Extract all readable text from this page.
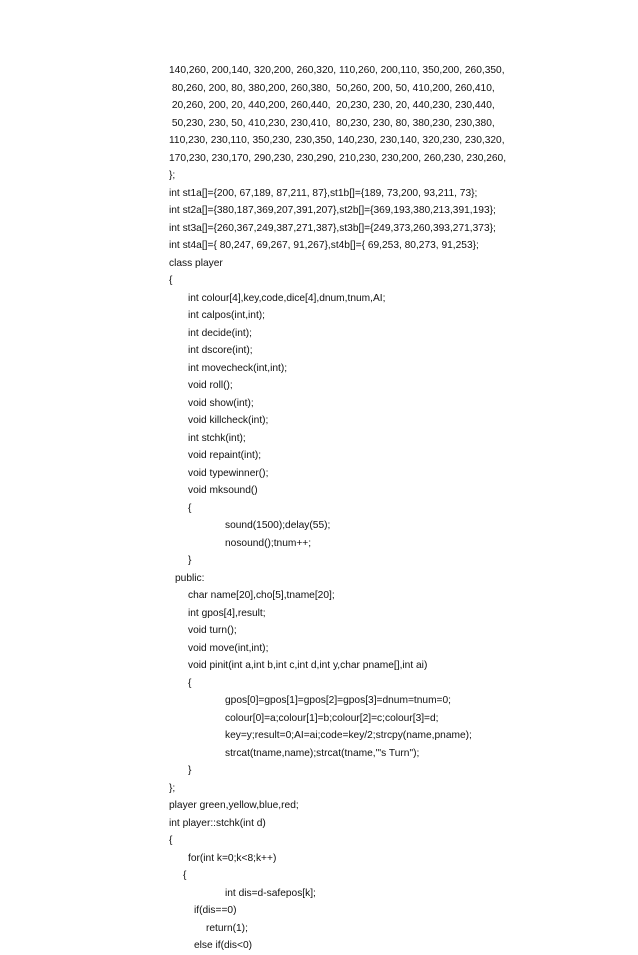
140,260, 200,140, 320,200, 260,320, 110,260, 200,110, 350,200, 260,350,
80,260, 200, 80, 380,200, 260,380,  50,260, 200, 50, 410,200, 260,410,
20,260, 200, 20, 440,200, 260,440,  20,230, 230, 20, 440,230, 230,440,
50,230, 230, 50, 410,230, 230,410,  80,230, 230, 80, 380,230, 230,380,
110,230, 230,110, 350,230, 230,350, 140,230, 230,140, 320,230, 230,320,
170,230, 230,170, 290,230, 230,290, 210,230, 230,200, 260,230, 230,260,
};
int st1a[]={200, 67,189, 87,211, 87},st1b[]={189, 73,200, 93,211, 73};
int st2a[]={380,187,369,207,391,207},st2b[]={369,193,380,213,391,193};
int st3a[]={260,367,249,387,271,387},st3b[]={249,373,260,393,271,373};
int st4a[]={ 80,247, 69,267, 91,267},st4b[]={ 69,253, 80,273, 91,253};
class player
{
int colour[4],key,code,dice[4],dnum,tnum,AI;
int calpos(int,int);
int decide(int);
int dscore(int);
int movecheck(int,int);
void roll();
void show(int);
void killcheck(int);
int stchk(int);
void repaint(int);
void typewinner();
void mksound()
{
sound(1500);delay(55);
nosound();tnum++;
}
public:
char name[20],cho[5],tname[20];
int gpos[4],result;
void turn();
void move(int,int);
void pinit(int a,int b,int c,int d,int y,char pname[],int ai)
{
gpos[0]=gpos[1]=gpos[2]=gpos[3]=dnum=tnum=0;
colour[0]=a;colour[1]=b;colour[2]=c;colour[3]=d;
key=y;result=0;AI=ai;code=key/2;strcpy(name,pname);
strcat(tname,name);strcat(tname,"'s Turn");
}
};
player green,yellow,blue,red;
int player::stchk(int d)
{
for(int k=0;k<8;k++)
{
int dis=d-safepos[k];
if(dis==0)
return(1);
else if(dis<0)
